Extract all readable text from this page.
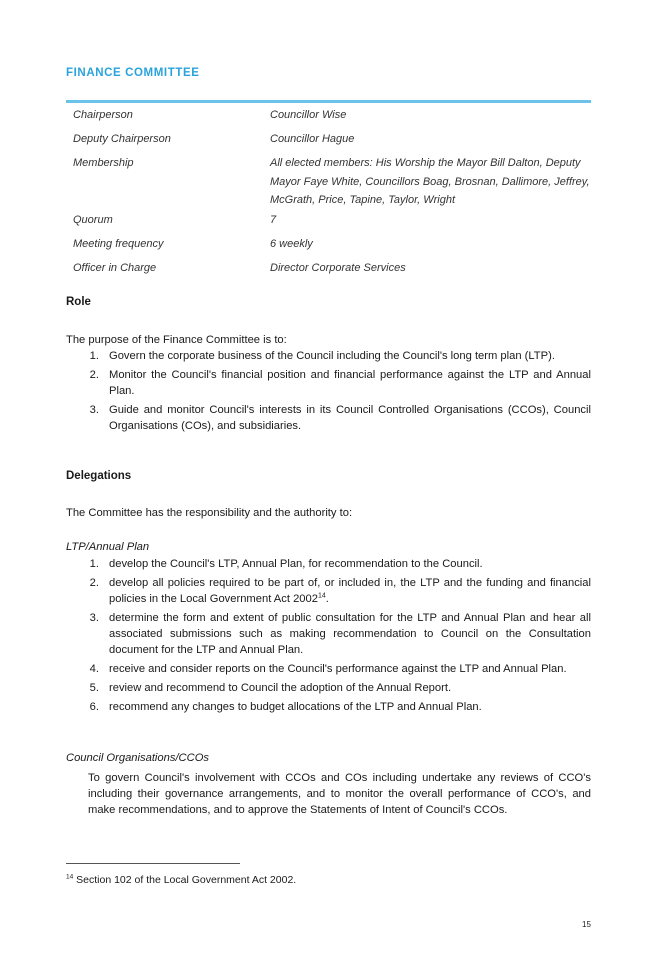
FINANCE COMMITTEE
Chairperson	Councillor Wise
Deputy Chairperson	Councillor Hague
Membership	All elected members: His Worship the Mayor Bill Dalton, Deputy Mayor Faye White, Councillors Boag, Brosnan, Dallimore, Jeffrey, McGrath, Price, Tapine, Taylor, Wright
Quorum	7
Meeting frequency	6 weekly
Officer in Charge	Director Corporate Services
Role
The purpose of the Finance Committee is to:
1. Govern the corporate business of the Council including the Council's long term plan (LTP).
2. Monitor the Council's financial position and financial performance against the LTP and Annual Plan.
3. Guide and monitor Council's interests in its Council Controlled Organisations (CCOs), Council Organisations (COs), and subsidiaries.
Delegations
The Committee has the responsibility and the authority to:
LTP/Annual Plan
1. develop the Council's LTP, Annual Plan, for recommendation to the Council.
2. develop all policies required to be part of, or included in, the LTP and the funding and financial policies in the Local Government Act 2002$^{14}$.
3. determine the form and extent of public consultation for the LTP and Annual Plan and hear all associated submissions such as making recommendation to Council on the Consultation document for the LTP and Annual Plan.
4. receive and consider reports on the Council's performance against the LTP and Annual Plan.
5. review and recommend to Council the adoption of the Annual Report.
6. recommend any changes to budget allocations of the LTP and Annual Plan.
Council Organisations/CCOs
To govern Council's involvement with CCOs and COs including undertake any reviews of CCO's including their governance arrangements, and to monitor the overall performance of CCO's, and make recommendations, and to approve the Statements of Intent of Council's CCOs.
$^{14}$ Section 102 of the Local Government Act 2002.
15
